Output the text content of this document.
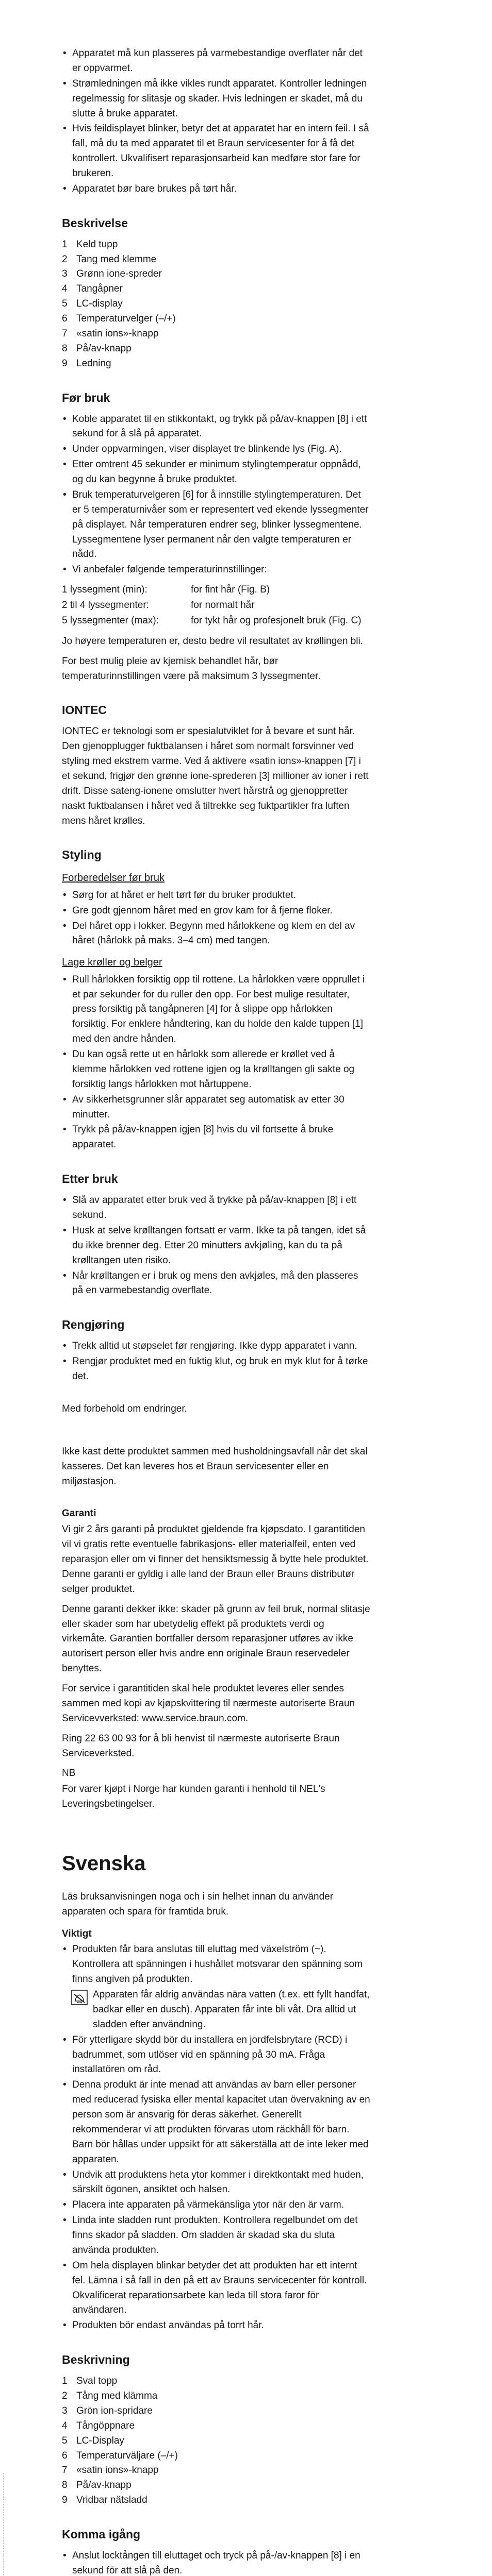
• Apparatet må kun plasseres på varmebestandige overflater når det er oppvarmet.
• Strømledningen må ikke vikles rundt apparatet. Kontroller ledningen regelmessig for slitasje og skader. Hvis ledningen er skadet, må du slutte å bruke apparatet.
• Hvis feildisplayet blinker, betyr det at apparatet har en intern feil. I så fall, må du ta med apparatet til et Braun servicesenter for å få det kontrollert. Ukvalifisert reparasjonsarbeid kan medføre stor fare for brukeren.
• Apparatet bør bare brukes på tørt hår.
Beskrivelse
1 Keld tupp
2 Tang med klemme
3 Grønn ione-spreder
4 Tangåpner
5 LC-display
6 Temperaturvelger (–/+)
7 «satin ions»-knapp
8 På/av-knapp
9 Ledning
Før bruk
• Koble apparatet til en stikkontakt, og trykk på på/av-knappen [8] i ett sekund for å slå på apparatet.
• Under oppvarmingen, viser displayet tre blinkende lys (Fig. A).
• Etter omtrent 45 sekunder er minimum stylingtemperatur oppnådd, og du kan begynne å bruke produktet.
• Bruk temperaturvelgeren [6] for å innstille stylingtemperaturen. Det er 5 temperaturnivåer som er representert ved ekende lyssegmenter på displayet. Når temperaturen endrer seg, blinker lyssegmentene. Lyssegmentene lyser permanent når den valgte temperaturen er nådd.
• Vi anbefaler følgende temperaturinnstillinger:
1 lyssegment (min):	for fint hår (Fig. B)
2 til 4 lyssegmenter:	for normalt hår
5 lyssegmenter (max):	for tykt hår og profesjonelt bruk (Fig. C)

Jo høyere temperaturen er, desto bedre vil resultatet av krøllingen bli.

For best mulig pleie av kjemisk behandlet hår, bør temperaturinnstillingen være på maksimum 3 lyssegmenter.

IONTEC

IONTEC er teknologi som er spesialutviklet for å bevare et sunt hår. Den gjenopplugger fuktbalansen i håret som normalt forsvinner ved styling med ekstrem varme. Ved å aktivere «satin ions»-knappen [7] i et sekund, frigjør den grønne ione-sprederen [3] millioner av ioner i rett drift. Disse sateng-ionene omslutter hvert hårstrå og gjenoppretter naskt fuktbalansen i håret ved å tiltrekke seg fuktpartikler fra luften mens håret krølles.

Styling
Forberedelser før bruk
• Sørg for at håret er helt tørt før du bruker produktet.
• Gre godt gjennom håret med en grov kam for å fjerne floker.
• Del håret opp i lokker. Begynn med hårlokkene og klem en del av håret (hårlokk på maks. 3–4 cm) med tangen.
Lage krøller og belger
• Rull hårlokken forsiktig opp til rottene. La hårlokken være opprullet i et par sekunder for du ruller den opp. For best mulige resultater, press forsiktig på tangåpneren [4] for å slippe opp hårlokken forsiktig. For enklere håndtering, kan du holde den kalde tuppen [1] med den andre hånden.
• Du kan også rette ut en hårlokk som allerede er krøllet ved å klemme hårlokken ved rottene igjen og la krølltangen gli sakte og forsiktig langs hårlokken mot hårtuppene.
• Av sikkerhetsgrunner slår apparatet seg automatisk av etter 30 minutter.
• Trykk på på/av-knappen igjen [8] hvis du vil fortsette å bruke apparatet.
Etter bruk
• Slå av apparatet etter bruk ved å trykke på på/av-knappen [8] i ett sekund.
• Husk at selve krølltangen fortsatt er varm. Ikke ta på tangen, idet så du ikke brenner deg. Etter 20 minutters avkjøling, kan du ta på krølltangen uten risiko.
• Når krølltangen er i bruk og mens den avkjøles, må den plasseres på en varmebestandig overflate.
Rengjøring
• Trekk alltid ut støpselet før rengjøring. Ikke dypp apparatet i vann.
• Rengjør produktet med en fuktig klut, og bruk en myk klut for å tørke det.

Med forbehold om endringer.

Ikke kast dette produktet sammen med husholdningsavfall når det skal kasseres. Det kan leveres hos et Braun servicesenter eller en miljøstasjon.

Garanti

Vi gir 2 års garanti på produktet gjeldende fra kjøpsdato. I garantitiden vil vi gratis rette eventuelle fabrikasjons- eller materialfeil, enten ved reparasjon eller om vi finner det hensiktsmessig å bytte hele produktet. Denne garanti er gyldig i alle land der Braun eller Brauns distributør selger produktet.

Denne garanti dekker ikke: skader på grunn av feil bruk, normal slitasje eller skader som har ubetydelig effekt på produktets verdi og virkemåte. Garantien bortfaller dersom reparasjoner utføres av ikke autorisert person eller hvis andre enn originale Braun reservedeler benyttes.

For service i garantitiden skal hele produktet leveres eller sendes sammen med kopi av kjøpskvittering til nærmeste autoriserte Braun Servicevverksted: www.service.braun.com.

Ring 22 63 00 93 for å bli henvist til nærmeste autoriserte Braun Serviceverksted.

NB

For varer kjøpt i Norge har kunden garanti i henhold til NEL's Leveringsbetingelser.

Svenska

Läs bruksanvisningen noga och i sin helhet innan du använder apparaten och spara för framtida bruk.

Viktigt

• Produkten får bara anslutas till eluttag med växelström (~). Kontrollera att spänningen i hushållet motsvarar den spänning som finns angiven på produkten.
Apparaten får aldrig användas nära vatten (t.ex. ett fyllt handfat, badkar eller en dusch). Apparaten får inte bli våt. Dra alltid ut sladden efter användning.
• För ytterligare skydd bör du installera en jordfelsbrytare (RCD) i badrummet, som utlöser vid en spänning på 30 mA. Fråga installatören om råd.
• Denna produkt är inte menad att användas av barn eller personer med reducerad fysiska eller mental kapacitet utan övervakning av en person som är ansvarig för deras säkerhet. Generellt rekommenderar vi att produkten förvaras utom räckhåll för barn. Barn bör hållas under uppsikt för att säkerställa att de inte leker med apparaten.
• Undvik att produktens heta ytor kommer i direktkontakt med huden, särskilt ögonen, ansiktet och halsen.
• Placera inte apparaten på värmekänsliga ytor när den är varm.
• Linda inte sladden runt produkten. Kontrollera regelbundet om det finns skador på sladden. Om sladden är skadad ska du sluta använda produkten.
• Om hela displayen blinkar betyder det att produkten har ett internt fel. Lämna i så fall in den på ett av Brauns servicecenter för kontroll. Okvalificerat reparationsarbete kan leda till stora faror för användaren.
• Produkten bör endast användas på torrt hår.
Beskrivning
1 Sval topp
2 Tång med klämma
3 Grön ion-spridare
4 Tångöppnare
5 LC-Display
6 Temperaturväljare (–/+)
7 «satin ions»-knapp
8 På/av-knapp
9 Vridbar nätsladd
Komma igång
• Anslut locktången till eluttaget och tryck på på-/av-knappen [8] i en sekund för att slå på den.
